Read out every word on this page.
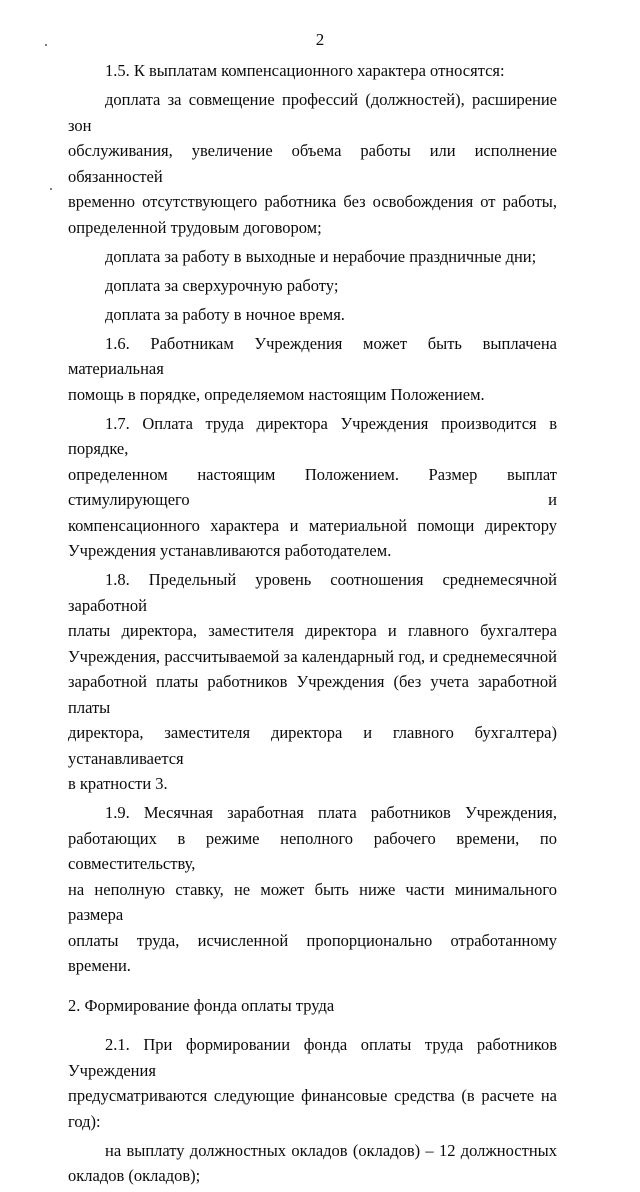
2
1.5. К выплатам компенсационного характера относятся:
доплата за совмещение профессий (должностей), расширение зон
обслуживания, увеличение объема работы или исполнение обязанностей
временно отсутствующего работника без освобождения от работы,
определенной трудовым договором;
доплата за работу в выходные и нерабочие праздничные дни;
доплата за сверхурочную работу;
доплата за работу в ночное время.
1.6. Работникам Учреждения может быть выплачена материальная
помощь в порядке, определяемом настоящим Положением.
1.7. Оплата труда директора Учреждения производится в порядке,
определенном настоящим Положением. Размер выплат стимулирующего и
компенсационного характера и материальной помощи директору
Учреждения устанавливаются работодателем.
1.8. Предельный уровень соотношения среднемесячной заработной
платы директора, заместителя директора и главного бухгалтера
Учреждения, рассчитываемой за календарный год, и среднемесячной
заработной платы работников Учреждения (без учета заработной платы
директора, заместителя директора и главного бухгалтера) устанавливается
в кратности 3.
1.9. Месячная заработная плата работников Учреждения,
работающих в режиме неполного рабочего времени, по совместительству,
на неполную ставку, не может быть ниже части минимального размера
оплаты труда, исчисленной пропорционально отработанному времени.
2. Формирование фонда оплаты труда
2.1. При формировании фонда оплаты труда работников Учреждения
предусматриваются следующие финансовые средства (в расчете на год):
на выплату должностных окладов (окладов) – 12 должностных
окладов (окладов);
